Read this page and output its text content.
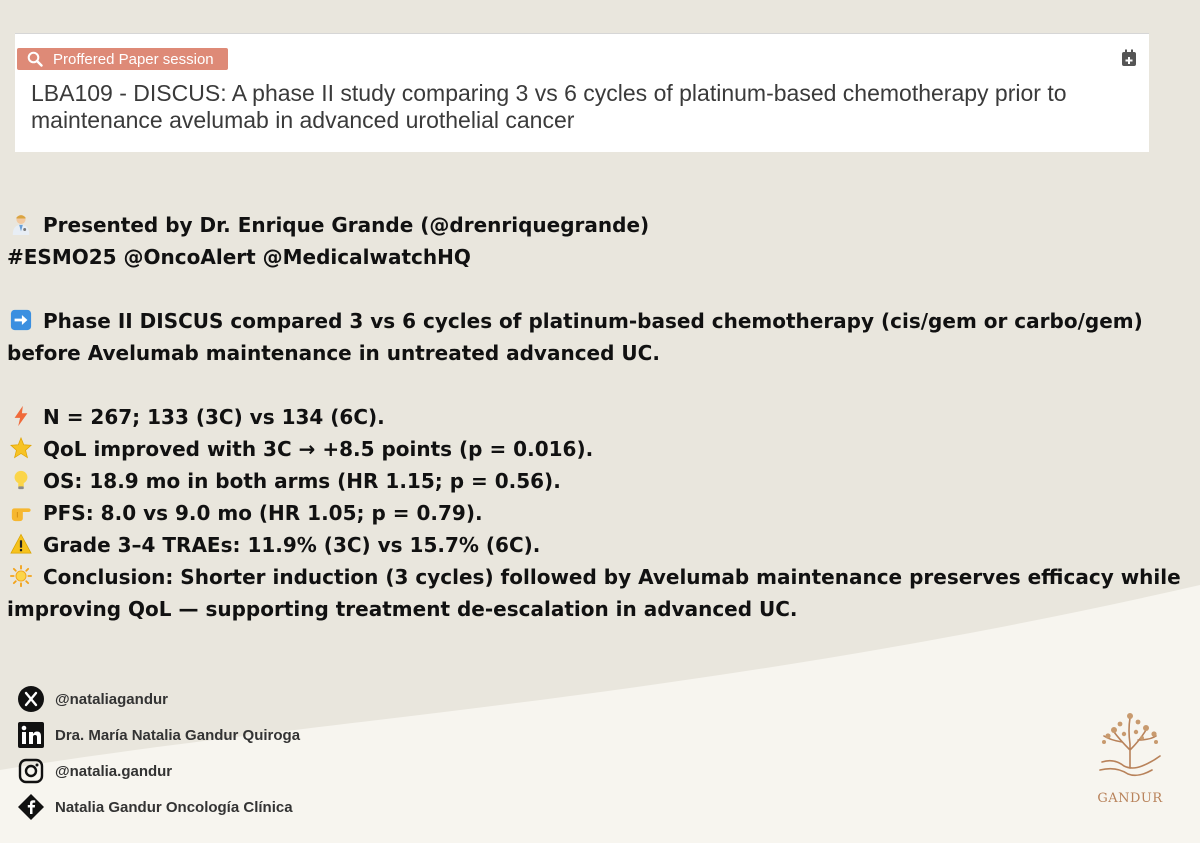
Proffered Paper session
LBA109 - DISCUS: A phase II study comparing 3 vs 6 cycles of platinum-based chemotherapy prior to maintenance avelumab in advanced urothelial cancer
Presented by Dr. Enrique Grande (@drenriquegrande)
#ESMO25 @OncoAlert @MedicalwatchHQ
Phase II DISCUS compared 3 vs 6 cycles of platinum-based chemotherapy (cis/gem or carbo/gem)
before Avelumab maintenance in untreated advanced UC.
N = 267; 133 (3C) vs 134 (6C).
QoL improved with 3C → +8.5 points (p = 0.016).
OS: 18.9 mo in both arms (HR 1.15; p = 0.56).
PFS: 8.0 vs 9.0 mo (HR 1.05; p = 0.79).
Grade 3–4 TRAEs: 11.9% (3C) vs 15.7% (6C).
Conclusion: Shorter induction (3 cycles) followed by Avelumab maintenance preserves efficacy while
improving QoL — supporting treatment de-escalation in advanced UC.
@nataliagandur
Dra. María Natalia Gandur Quiroga
@natalia.gandur
Natalia Gandur Oncología Clínica	GANDUR
